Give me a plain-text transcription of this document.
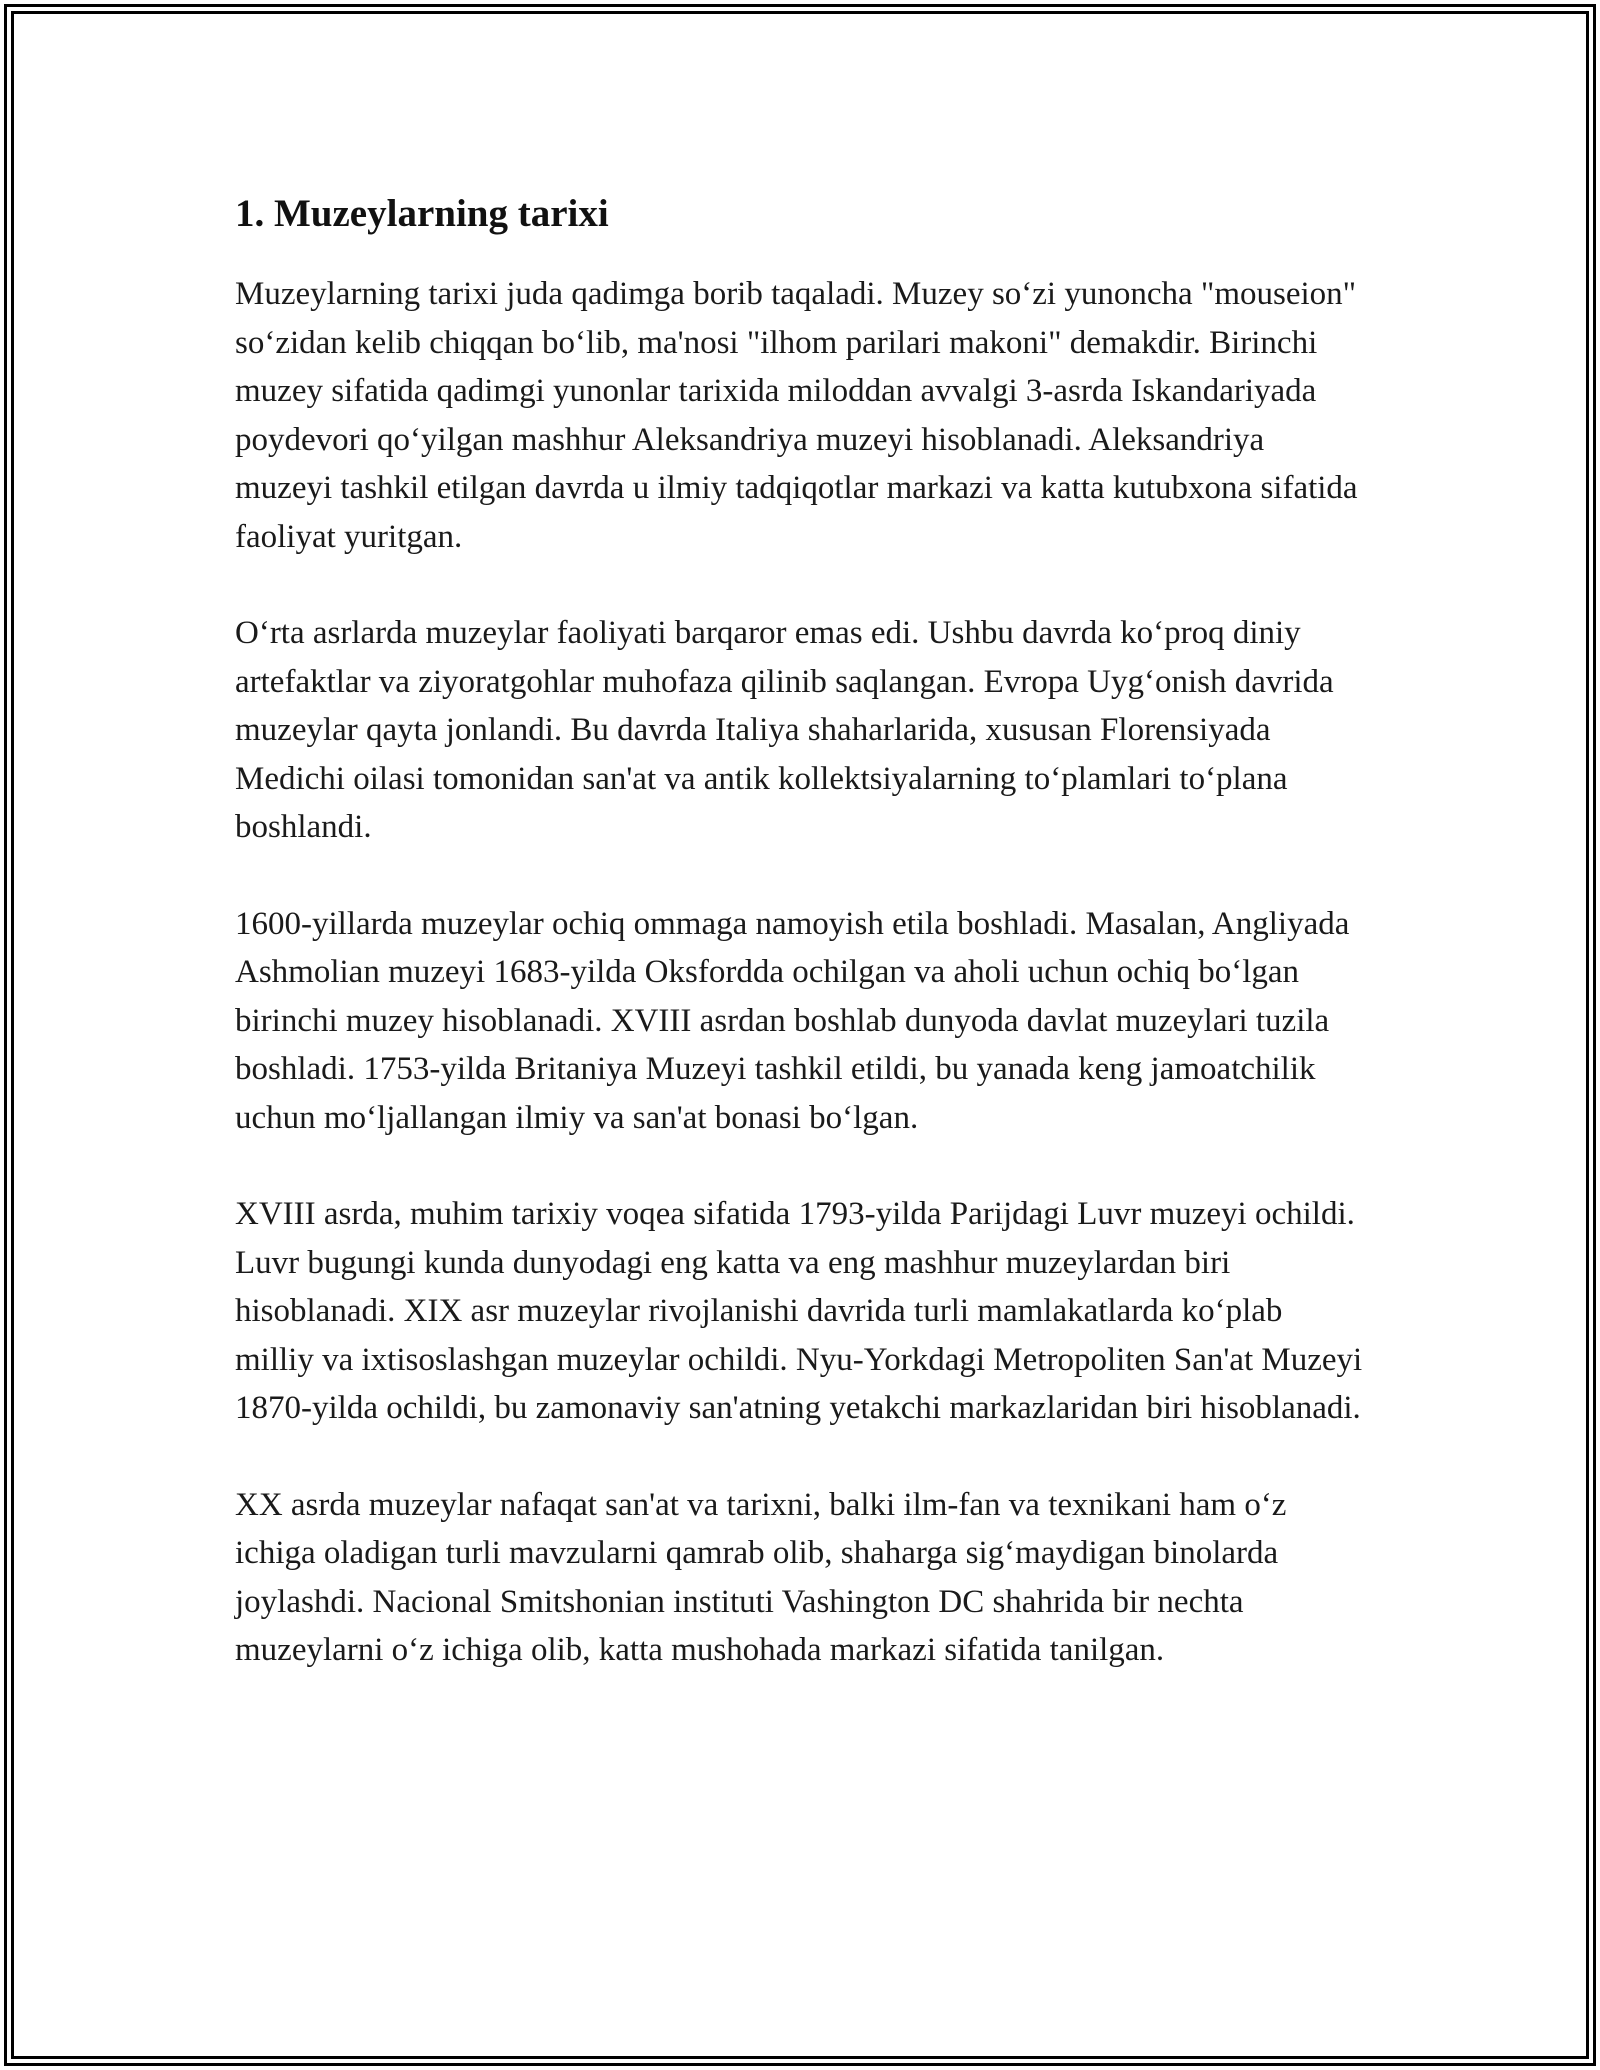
1. Muzeylarning tarixi

Muzeylarning tarixi juda qadimga borib taqaladi. Muzey so‘zi yunoncha "mouseion" so‘zidan kelib chiqqan bo‘lib, ma'nosi "ilhom parilari makoni" demakdir. Birinchi muzey sifatida qadimgi yunonlar tarixida miloddan avvalgi 3-asrda Iskandariyada poydevori qo‘yilgan mashhur Aleksandriya muzeyi hisoblanadi. Aleksandriya muzeyi tashkil etilgan davrda u ilmiy tadqiqotlar markazi va katta kutubxona sifatida faoliyat yuritgan.

O‘rta asrlarda muzeylar faoliyati barqaror emas edi. Ushbu davrda ko‘proq diniy artefaktlar va ziyoratgohlar muhofaza qilinib saqlangan. Evropa Uyg‘onish davrida muzeylar qayta jonlandi. Bu davrda Italiya shaharlarida, xususan Florensiyada Medichi oilasi tomonidan san'at va antik kollektsiyalarning to‘plamlari to‘plana boshlandi.

1600-yillarda muzeylar ochiq ommaga namoyish etila boshladi. Masalan, Angliyada Ashmolian muzeyi 1683-yilda Oksfordda ochilgan va aholi uchun ochiq bo‘lgan birinchi muzey hisoblanadi. XVIII asrdan boshlab dunyoda davlat muzeylari tuzila boshladi. 1753-yilda Britaniya Muzeyi tashkil etildi, bu yanada keng jamoatchilik uchun mo‘ljallangan ilmiy va san'at bonasi bo‘lgan.

XVIII asrda, muhim tarixiy voqea sifatida 1793-yilda Parijdagi Luvr muzeyi ochildi. Luvr bugungi kunda dunyodagi eng katta va eng mashhur muzeylardan biri hisoblanadi. XIX asr muzeylar rivojlanishi davrida turli mamlakatlarda ko‘plab milliy va ixtisoslashgan muzeylar ochildi. Nyu-Yorkdagi Metropoliten San'at Muzeyi 1870-yilda ochildi, bu zamonaviy san'atning yetakchi markazlaridan biri hisoblanadi.

XX asrda muzeylar nafaqat san'at va tarixni, balki ilm-fan va texnikani ham o‘z ichiga oladigan turli mavzularni qamrab olib, shaharga sig‘maydigan binolarda joylashdi. Nacional Smitshonian instituti Vashington DC shahrida bir nechta muzeylarni o‘z ichiga olib, katta mushohada markazi sifatida tanilgan.
